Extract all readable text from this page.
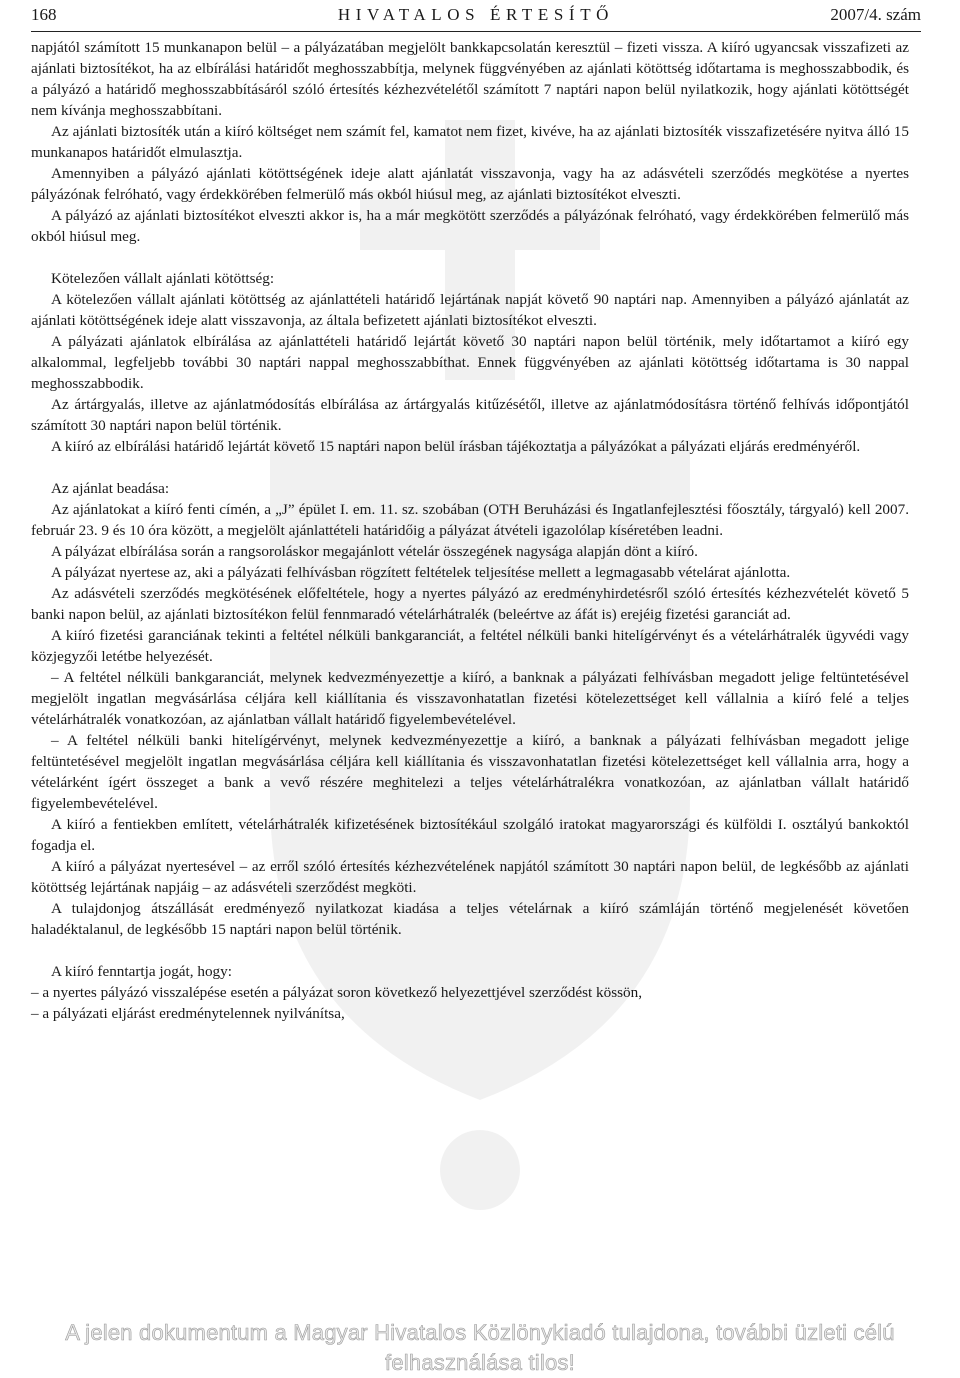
168	HIVATALOS ÉRTESÍTŐ	2007/4. szám

napjától számított 15 munkanapon belül – a pályázatában megjelölt bankkapcsolatán keresztül – fizeti vissza. A kiíró ugyancsak visszafizeti az ajánlati biztosítékot, ha az elbírálási határidőt meghosszabbítja, melynek függvényében az ajánlati kötöttség időtartama is meghosszabbodik, és a pályázó a határidő meghosszabbításáról szóló értesítés kézhezvételétől számított 7 naptári napon belül nyilatkozik, hogy ajánlati kötöttségét nem kívánja meghosszabbítani.

Az ajánlati biztosíték után a kiíró költséget nem számít fel, kamatot nem fizet, kivéve, ha az ajánlati biztosíték visszafizetésére nyitva álló 15 munkanapos határidőt elmulasztja.

Amennyiben a pályázó ajánlati kötöttségének ideje alatt ajánlatát visszavonja, vagy ha az adásvételi szerződés megkötése a nyertes pályázónak felróható, vagy érdekkörében felmerülő más okból hiúsul meg, az ajánlati biztosítékot elveszti.

A pályázó az ajánlati biztosítékot elveszti akkor is, ha a már megkötött szerződés a pályázónak felróható, vagy érdekkörében felmerülő más okból hiúsul meg.

Kötelezően vállalt ajánlati kötöttség:

A kötelezően vállalt ajánlati kötöttség az ajánlattételi határidő lejártának napját követő 90 naptári nap. Amennyiben a pályázó ajánlatát az ajánlati kötöttségének ideje alatt visszavonja, az általa befizetett ajánlati biztosítékot elveszti.

A pályázati ajánlatok elbírálása az ajánlattételi határidő lejártát követő 30 naptári napon belül történik, mely időtartamot a kiíró egy alkalommal, legfeljebb további 30 naptári nappal meghosszabbíthat. Ennek függvényében az ajánlati kötöttség időtartama is 30 nappal meghosszabbodik.

Az ártárgyalás, illetve az ajánlatmódosítás elbírálása az ártárgyalás kitűzésétől, illetve az ajánlatmódosításra történő felhívás időpontjától számított 30 naptári napon belül történik.

A kiíró az elbírálási határidő lejártát követő 15 naptári napon belül írásban tájékoztatja a pályázókat a pályázati eljárás eredményéről.

Az ajánlat beadása:

Az ajánlatokat a kiíró fenti címén, a „J” épület I. em. 11. sz. szobában (OTH Beruházási és Ingatlanfejlesztési főosztály, tárgyaló) kell 2007. február 23. 9 és 10 óra között, a megjelölt ajánlattételi határidőig a pályázat átvételi igazolólap kíséretében leadni.

A pályázat elbírálása során a rangsoroláskor megajánlott vételár összegének nagysága alapján dönt a kiíró.

A pályázat nyertese az, aki a pályázati felhívásban rögzített feltételek teljesítése mellett a legmagasabb vételárat ajánlotta.

Az adásvételi szerződés megkötésének előfeltétele, hogy a nyertes pályázó az eredményhirdetésről szóló értesítés kézhezvételét követő 5 banki napon belül, az ajánlati biztosítékon felül fennmaradó vételárhátralék (beleértve az áfát is) erejéig fizetési garanciát ad.

A kiíró fizetési garanciának tekinti a feltétel nélküli bankgaranciát, a feltétel nélküli banki hitelígérvényt és a vételárhátralék ügyvédi vagy közjegyzői letétbe helyezését.

– A feltétel nélküli bankgaranciát, melynek kedvezményezettje a kiíró, a banknak a pályázati felhívásban megadott jelige feltüntetésével megjelölt ingatlan megvásárlása céljára kell kiállítania és visszavonhatatlan fizetési kötelezettséget kell vállalnia a kiíró felé a teljes vételárhátralék vonatkozóan, az ajánlatban vállalt határidő figyelembevételével.

– A feltétel nélküli banki hitelígérvényt, melynek kedvezményezettje a kiíró, a banknak a pályázati felhívásban megadott jelige feltüntetésével megjelölt ingatlan megvásárlása céljára kell kiállítania és visszavonhatatlan fizetési kötelezettséget kell vállalnia arra, hogy a vételárként ígért összeget a bank a vevő részére meghitelezi a teljes vételárhátralékra vonatkozóan, az ajánlatban vállalt határidő figyelembevételével.

A kiíró a fentiekben említett, vételárhátralék kifizetésének biztosítékául szolgáló iratokat magyarországi és külföldi I. osztályú bankoktól fogadja el.

A kiíró a pályázat nyertesével – az erről szóló értesítés kézhezvételének napjától számított 30 naptári napon belül, de legkésőbb az ajánlati kötöttség lejártának napjáig – az adásvételi szerződést megköti.

A tulajdonjog átszállását eredményező nyilatkozat kiadása a teljes vételárnak a kiíró számláján történő megjelenését követően haladéktalanul, de legkésőbb 15 naptári napon belül történik.

A kiíró fenntartja jogát, hogy:

– a nyertes pályázó visszalépése esetén a pályázat soron következő helyezettjével szerződést kössön,

– a pályázati eljárást eredménytelennek nyilvánítsa,

A jelen dokumentum a Magyar Hivatalos Közlönykiadó tulajdona, további üzleti célú felhasználása tilos!
